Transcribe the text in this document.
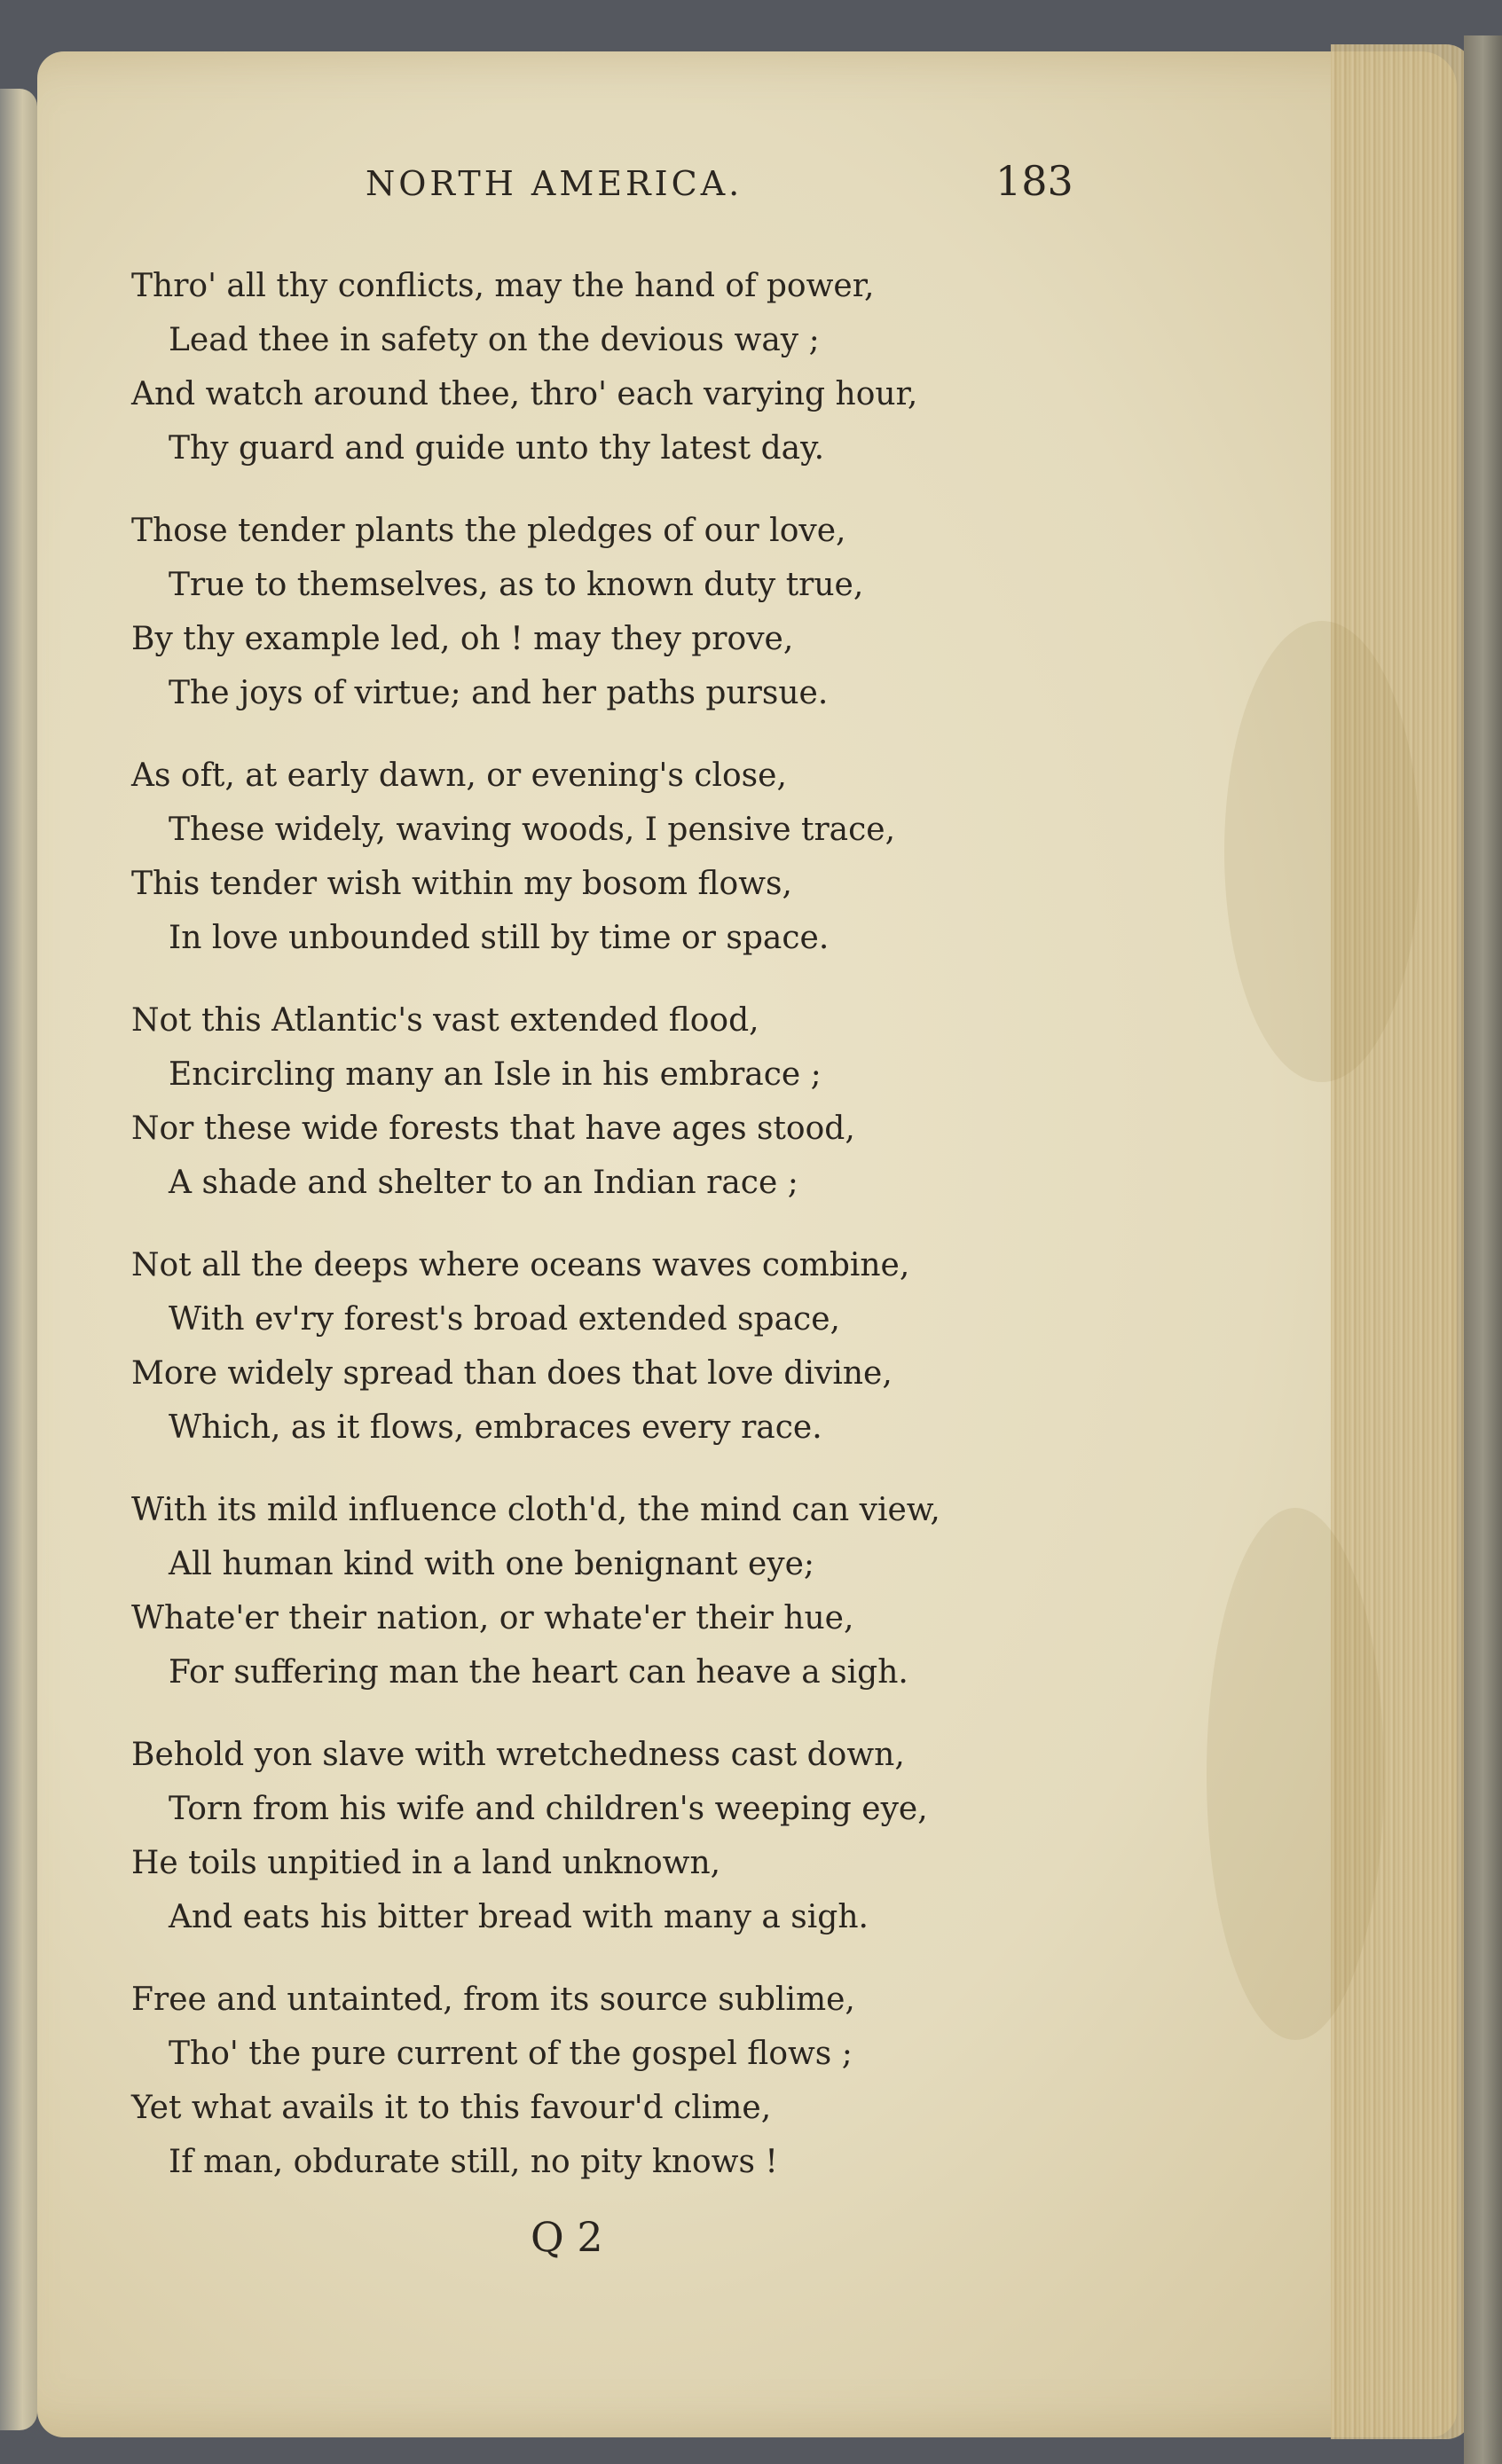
NORTH AMERICA.	183
Thro' all thy conflicts, may the hand of power,
Lead thee in safety on the devious way ;
And watch around thee, thro' each varying hour,
Thy guard and guide unto thy latest day.
Those tender plants the pledges of our love,
True to themselves, as to known duty true,
By thy example led, oh ! may they prove,
The joys of virtue; and her paths pursue.
As oft, at early dawn, or evening's close,
These widely, waving woods, I pensive trace,
This tender wish within my bosom flows,
In love unbounded still by time or space.
Not this Atlantic's vast extended flood,
Encircling many an Isle in his embrace ;
Nor these wide forests that have ages stood,
A shade and shelter to an Indian race ;
Not all the deeps where oceans waves combine,
With ev'ry forest's broad extended space,
More widely spread than does that love divine,
Which, as it flows, embraces every race.
With its mild influence cloth'd, the mind can view,
All human kind with one benignant eye;
Whate'er their nation, or whate'er their hue,
For suffering man the heart can heave a sigh.
Behold yon slave with wretchedness cast down,
Torn from his wife and children's weeping eye,
He toils unpitied in a land unknown,
And eats his bitter bread with many a sigh.
Free and untainted, from its source sublime,
Tho' the pure current of the gospel flows ;
Yet what avails it to this favour'd clime,
If man, obdurate still, no pity knows !
Q 2
